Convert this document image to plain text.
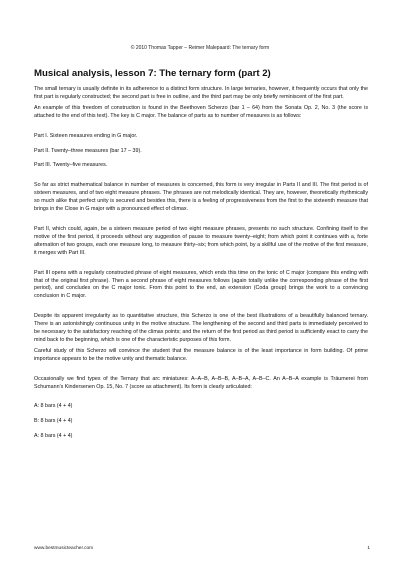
© 2010 Thomas Tapper – Reimer Malepaard: The ternary form
Musical analysis, lesson 7: The ternary form (part 2)

The small ternary is usually definite in its adherence to a distinct form structure. In large ternaries, however, it frequently occurs that only the first part is regularly constructed; the second part is free in outline, and the third part may be only briefly reminiscent of the first part.

An example of this freedom of construction is found in the Beethoven Scherzo (bar 1 – 64) from the Sonata Op. 2, No. 3 (the score is attached to the end of this text). The key is C major. The balance of parts as to number of measures is as follows:

Part I. Sixteen measures ending in G major.

Part II. Twenty–three measures (bar 17 – 39).

Part III. Twenty–five measures.

So far as strict mathematical balance in number of measures is concerned, this form is very irregular in Parts II and III. The first period is of sixteen measures, and of two eight measure phrases. The phrases are not melodically identical. They are, however, theoretically rhythmically so much alike that perfect unity is secured and besides this, there is a feeling of progressiveness from the first to the sixteenth measure that brings in the Close in G major with a pronounced effect of climax.

Part II, which could, again, be a sixteen measure period of two eight measure phrases, presents no such structure. Confining itself to the motive of the first period, it proceeds without any suggestion of pause to measure twenty–eight; from which point it continues with a, forte alternation of two groups, each one measure long, to measure thirty–six; from which point, by a skillful use of the motive of the first measure, it merges with Part III.

Part III opens with a regularly constructed phrase of eight measures, which ends this time on the tonic of C major (compare this ending with that of the original first phrase). Then a second phrase of eight measures follows (again totally unlike the corresponding phrase of the first period), and concludes on the C major tonic. From this point to the end, an extension (Coda group) brings the work to a convincing conclusion in C major.

Despite its apparent irregularity as to quantitative structure, this Scherzo is one of the best illustrations of a beautifully balanced ternary. There is an astonishingly continuous unity in the motive structure. The lengthening of the second and third parts is immediately perceived to be necessary to the satisfactory reaching of the climax points; and the return of the first period as third period is sufficiently exact to carry the mind back to the beginning, which is one of the characteristic purposes of this form.

Careful study of this Scherzo will convince the student that the measure balance is of the least importance in form building. Of prime importance appears to be the motive unity and thematic balance.

Occasionally we find types of the Ternary that arc miniatures: A–A–B, A–B–B, A–B–A, A–B–C. An A–B–A example is Träumerei from Schumann’s Kindersenen Op. 15, No. 7 (score as attachment). Its form is clearly articulated:

A: 8 bars (4 + 4)

B: 8 bars (4 + 4)

A: 8 bars (4 + 4)

www.bestmusicteacher.com	1
